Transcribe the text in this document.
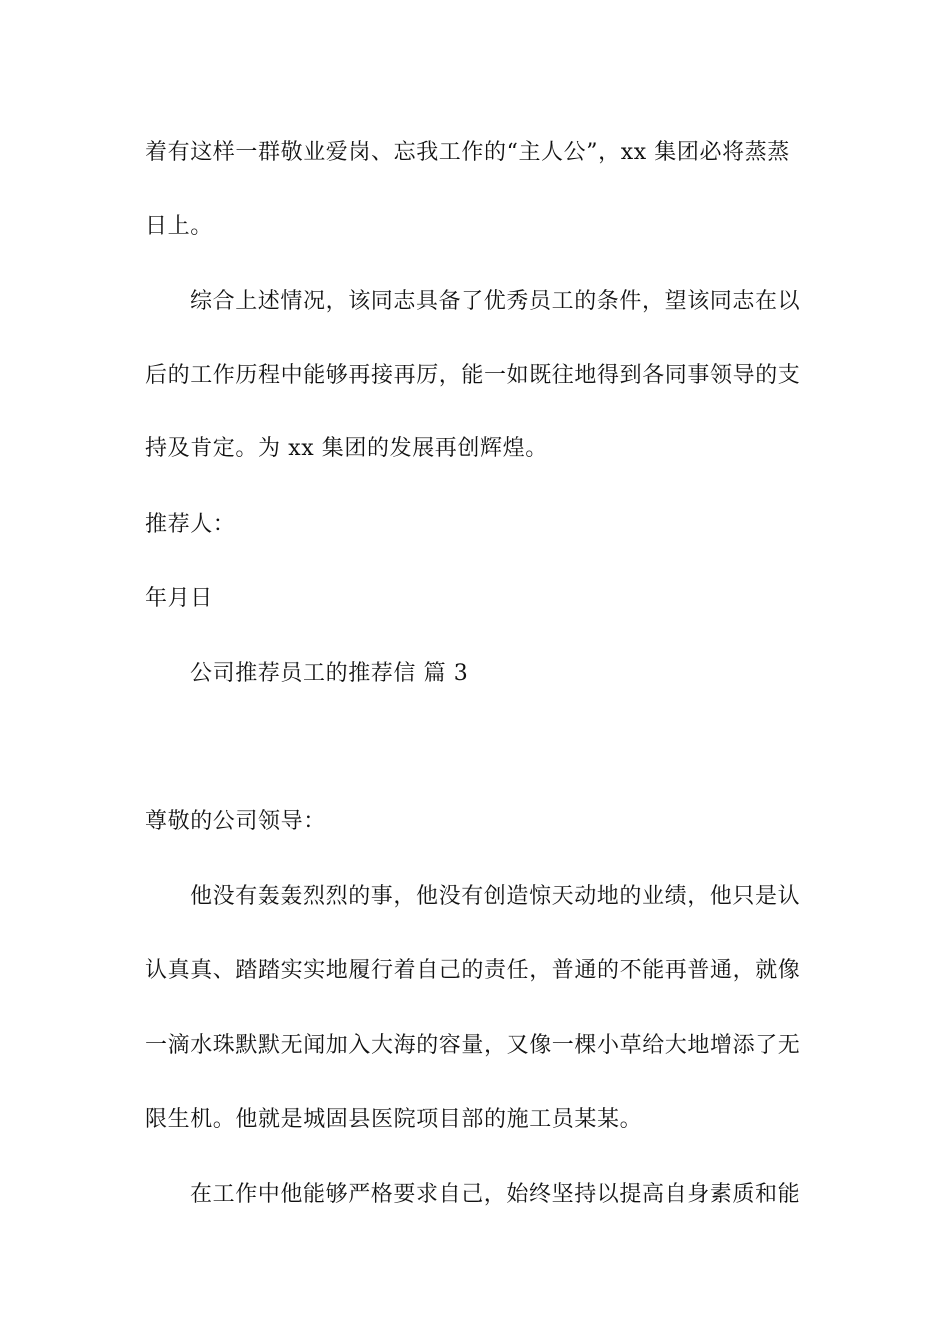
着有这样一群敬业爱岗、忘我工作的“主人公”，xx 集团必将蒸蒸
日上。
综合上述情况，该同志具备了优秀员工的条件，望该同志在以
后的工作历程中能够再接再厉，能一如既往地得到各同事领导的支
持及肯定。为 xx 集团的发展再创辉煌。
推荐人：
年月日
公司推荐员工的推荐信 篇 3
尊敬的公司领导：
他没有轰轰烈烈的事，他没有创造惊天动地的业绩，他只是认
认真真、踏踏实实地履行着自己的责任，普通的不能再普通，就像
一滴水珠默默无闻加入大海的容量，又像一棵小草给大地增添了无
限生机。他就是城固县医院项目部的施工员某某。
在工作中他能够严格要求自己，始终坚持以提高自身素质和能
